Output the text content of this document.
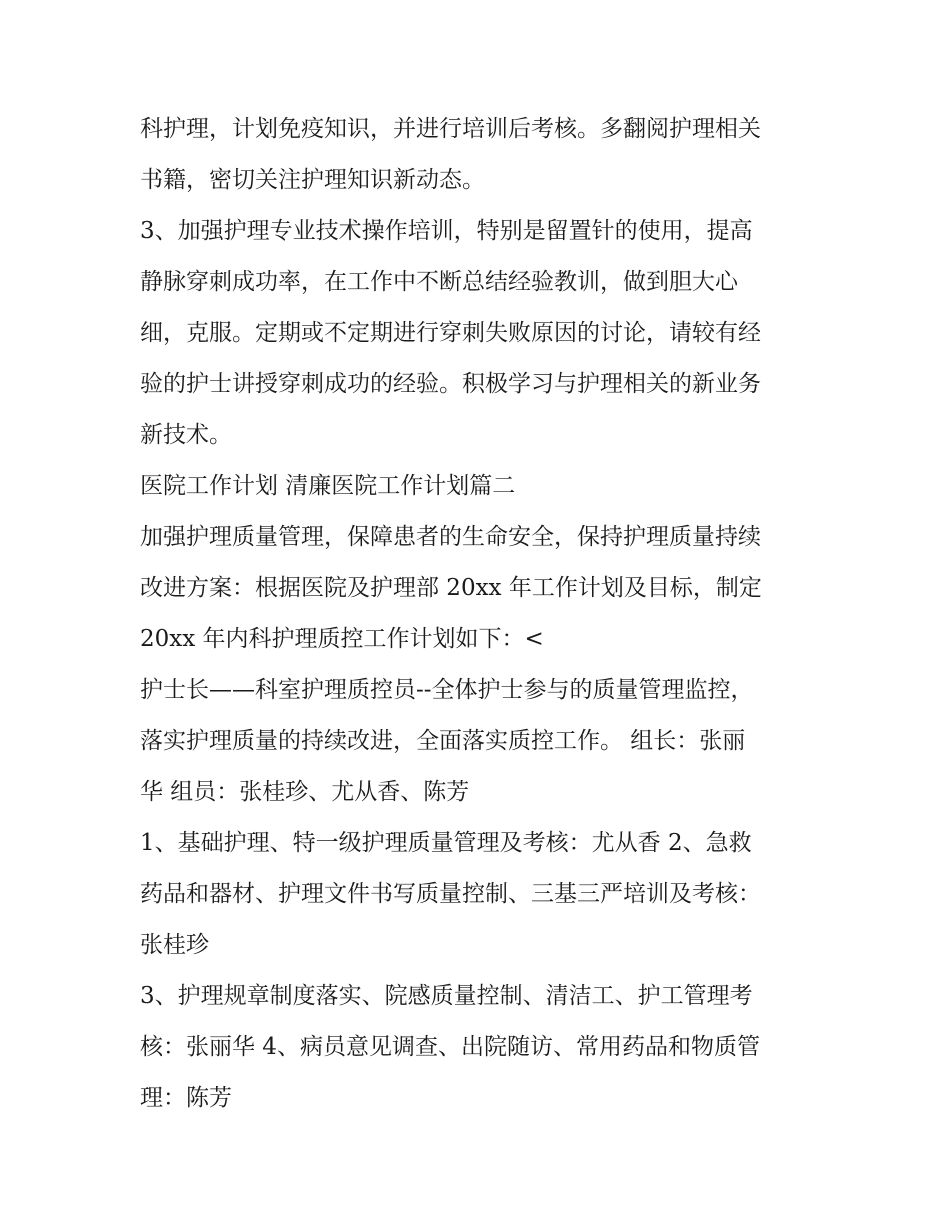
科护理，计划免疫知识，并进行培训后考核。多翻阅护理相关
书籍，密切关注护理知识新动态。
3、加强护理专业技术操作培训，特别是留置针的使用，提高
静脉穿刺成功率，在工作中不断总结经验教训，做到胆大心
细，克服。定期或不定期进行穿刺失败原因的讨论，请较有经
验的护士讲授穿刺成功的经验。积极学习与护理相关的新业务
新技术。
医院工作计划 清廉医院工作计划篇二
加强护理质量管理，保障患者的生命安全，保持护理质量持续
改进方案：根据医院及护理部 20xx 年工作计划及目标，制定
20xx 年内科护理质控工作计划如下：<
护士长——科室护理质控员--全体护士参与的质量管理监控，
落实护理质量的持续改进，全面落实质控工作。 组长：张丽
华 组员：张桂珍、尤从香、陈芳
1、基础护理、特一级护理质量管理及考核：尤从香 2、急救
药品和器材、护理文件书写质量控制、三基三严培训及考核：
张桂珍
3、护理规章制度落实、院感质量控制、清洁工、护工管理考
核：张丽华 4、病员意见调查、出院随访、常用药品和物质管
理：陈芳
